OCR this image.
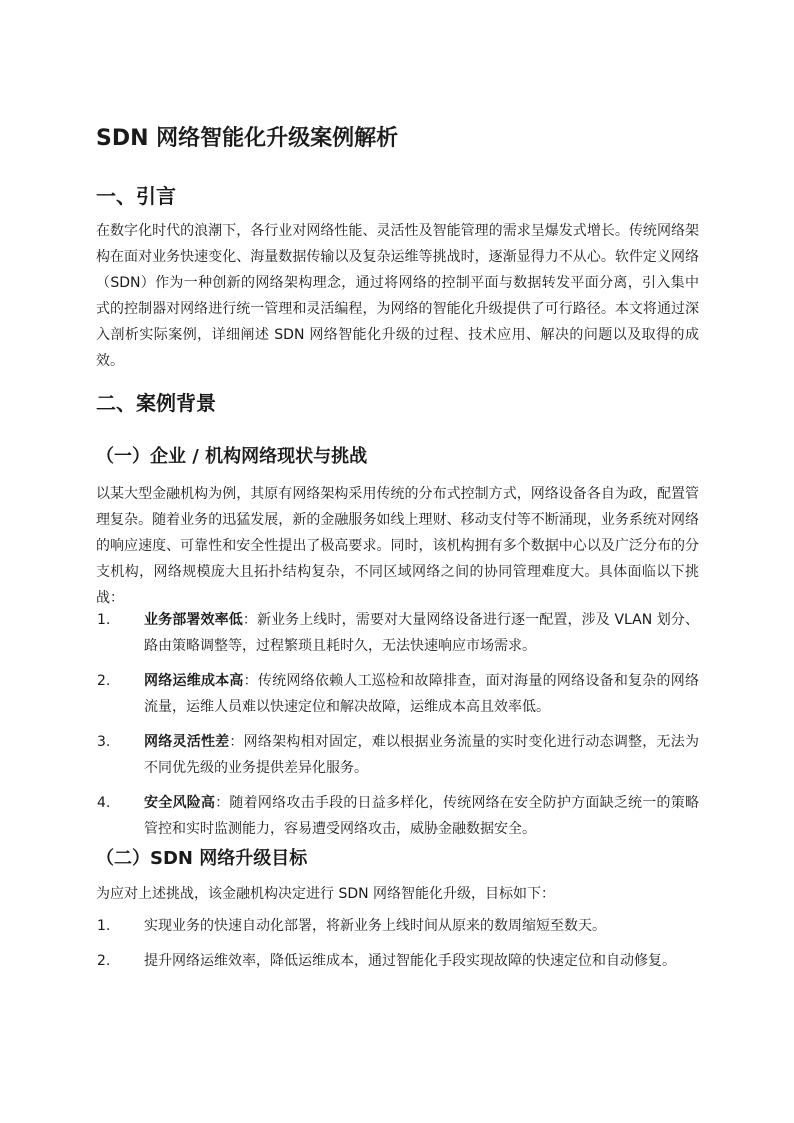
SDN 网络智能化升级案例解析
一、引言

在数字化时代的浪潮下，各行业对网络性能、灵活性及智能管理的需求呈爆发式增长。传统网络架构在面对业务快速变化、海量数据传输以及复杂运维等挑战时，逐渐显得力不从心。软件定义网络（SDN）作为一种创新的网络架构理念，通过将网络的控制平面与数据转发平面分离，引入集中式的控制器对网络进行统一管理和灵活编程，为网络的智能化升级提供了可行路径。本文将通过深入剖析实际案例，详细阐述 SDN 网络智能化升级的过程、技术应用、解决的问题以及取得的成效。

二、案例背景
（一）企业 / 机构网络现状与挑战

以某大型金融机构为例，其原有网络架构采用传统的分布式控制方式，网络设备各自为政，配置管理复杂。随着业务的迅猛发展，新的金融服务如线上理财、移动支付等不断涌现，业务系统对网络的响应速度、可靠性和安全性提出了极高要求。同时，该机构拥有多个数据中心以及广泛分布的分支机构，网络规模庞大且拓扑结构复杂，不同区域网络之间的协同管理难度大。具体面临以下挑战：

1. 业务部署效率低：新业务上线时，需要对大量网络设备进行逐一配置，涉及 VLAN 划分、路由策略调整等，过程繁琐且耗时久，无法快速响应市场需求。
2. 网络运维成本高：传统网络依赖人工巡检和故障排查，面对海量的网络设备和复杂的网络流量，运维人员难以快速定位和解决故障，运维成本高且效率低。
3. 网络灵活性差：网络架构相对固定，难以根据业务流量的实时变化进行动态调整，无法为不同优先级的业务提供差异化服务。
4. 安全风险高：随着网络攻击手段的日益多样化，传统网络在安全防护方面缺乏统一的策略管控和实时监测能力，容易遭受网络攻击，威胁金融数据安全。
（二）SDN 网络升级目标

为应对上述挑战，该金融机构决定进行 SDN 网络智能化升级，目标如下：

1. 实现业务的快速自动化部署，将新业务上线时间从原来的数周缩短至数天。
2. 提升网络运维效率，降低运维成本，通过智能化手段实现故障的快速定位和自动修复。
